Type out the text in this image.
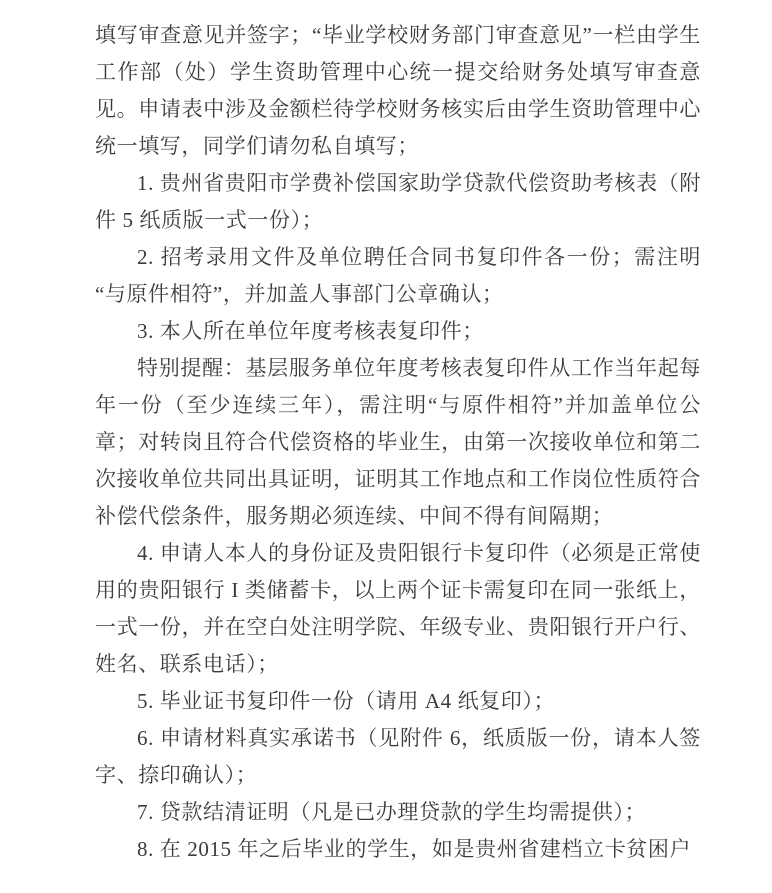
填写审查意见并签字；“毕业学校财务部门审查意见”一栏由学生工作部（处）学生资助管理中心统一提交给财务处填写审查意见。申请表中涉及金额栏待学校财务核实后由学生资助管理中心统一填写，同学们请勿私自填写；

1. 贵州省贵阳市学费补偿国家助学贷款代偿资助考核表（附件 5 纸质版一式一份）；

2. 招考录用文件及单位聘任合同书复印件各一份；需注明“与原件相符”，并加盖人事部门公章确认；

3. 本人所在单位年度考核表复印件；

特别提醒：基层服务单位年度考核表复印件从工作当年起每年一份（至少连续三年），需注明“与原件相符”并加盖单位公章；对转岗且符合代偿资格的毕业生，由第一次接收单位和第二次接收单位共同出具证明，证明其工作地点和工作岗位性质符合补偿代偿条件，服务期必须连续、中间不得有间隔期；

4. 申请人本人的身份证及贵阳银行卡复印件（必须是正常使用的贵阳银行 I 类储蓄卡，以上两个证卡需复印在同一张纸上，一式一份，并在空白处注明学院、年级专业、贵阳银行开户行、姓名、联系电话）；

5. 毕业证书复印件一份（请用 A4 纸复印）；

6. 申请材料真实承诺书（见附件 6，纸质版一份，请本人签字、捺印确认）；

7. 贷款结清证明（凡是已办理贷款的学生均需提供）；

8. 在 2015 年之后毕业的学生，如是贵州省建档立卡贫困户
